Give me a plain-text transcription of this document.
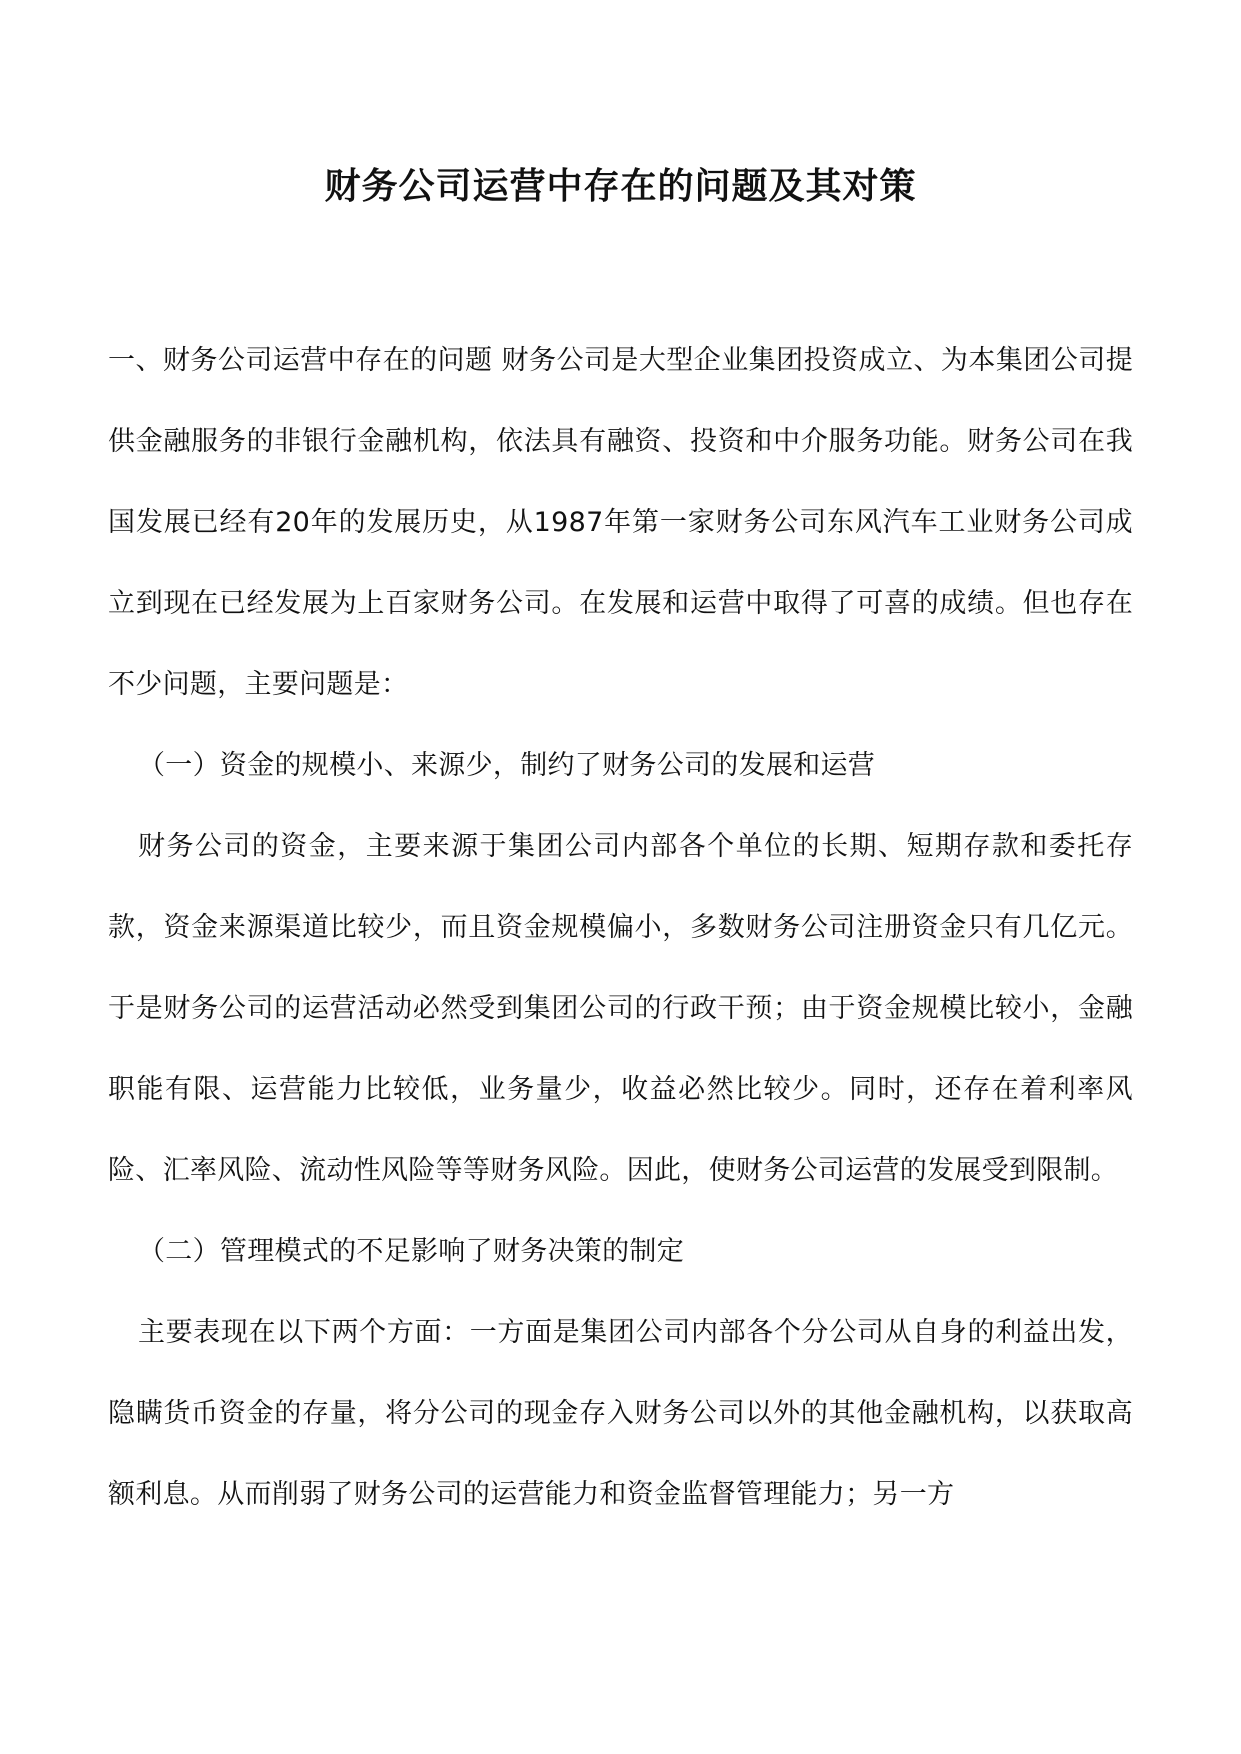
财务公司运营中存在的问题及其对策

一、财务公司运营中存在的问题 财务公司是大型企业集团投资成立、为本集团公司提供金融服务的非银行金融机构，依法具有融资、投资和中介服务功能。财务公司在我国发展已经有20年的发展历史，从1987年第一家财务公司东风汽车工业财务公司成立到现在已经发展为上百家财务公司。在发展和运营中取得了可喜的成绩。但也存在不少问题，主要问题是：

（一）资金的规模小、来源少，制约了财务公司的发展和运营

财务公司的资金，主要来源于集团公司内部各个单位的长期、短期存款和委托存款，资金来源渠道比较少，而且资金规模偏小，多数财务公司注册资金只有几亿元。于是财务公司的运营活动必然受到集团公司的行政干预；由于资金规模比较小，金融职能有限、运营能力比较低，业务量少，收益必然比较少。同时，还存在着利率风险、汇率风险、流动性风险等等财务风险。因此，使财务公司运营的发展受到限制。

（二）管理模式的不足影响了财务决策的制定

主要表现在以下两个方面：一方面是集团公司内部各个分公司从自身的利益出发，隐瞒货币资金的存量，将分公司的现金存入财务公司以外的其他金融机构，以获取高额利息。从而削弱了财务公司的运营能力和资金监督管理能力；另一方
